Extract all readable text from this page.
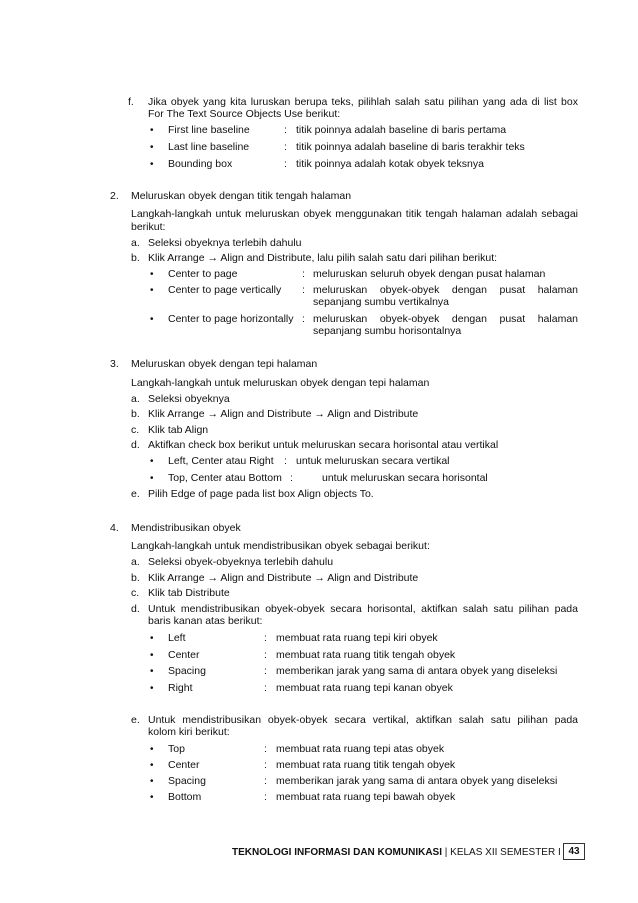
f. Jika obyek yang kita luruskan berupa teks, pilihlah salah satu pilihan yang ada di list box
For The Text Source Objects Use berikut:
• First line baseline	: titik poinnya adalah baseline di baris pertama
• Last line baseline	: titik poinnya adalah baseline di baris terakhir teks
• Bounding box	: titik poinnya adalah kotak obyek teksnya
2. Meluruskan obyek dengan titik tengah halaman
Langkah-langkah untuk meluruskan obyek menggunakan titik tengah halaman adalah sebagai
berikut:
a. Seleksi obyeknya terlebih dahulu
b. Klik Arrange → Align and Distribute, lalu pilih salah satu dari pilihan berikut:
• Center to page	: meluruskan seluruh obyek dengan pusat halaman
• Center to page vertically : meluruskan obyek-obyek dengan pusat halaman
sepanjang sumbu vertikalnya
• Center to page horizontally : meluruskan obyek-obyek dengan pusat halaman
sepanjang sumbu horisontalnya
3. Meluruskan obyek dengan tepi halaman
Langkah-langkah untuk meluruskan obyek dengan tepi halaman
a. Seleksi obyeknya
b. Klik Arrange → Align and Distribute → Align and Distribute
c. Klik tab Align
d. Aktifkan check box berikut untuk meluruskan secara horisontal atau vertikal
• Left, Center atau Right : untuk meluruskan secara vertikal
• Top, Center atau Bottom :	untuk meluruskan secara horisontal
e. Pilih Edge of page pada list box Align objects To.
4. Mendistribusikan obyek
Langkah-langkah untuk mendistribusikan obyek sebagai berikut:
a. Seleksi obyek-obyeknya terlebih dahulu
b. Klik Arrange → Align and Distribute → Align and Distribute
c. Klik tab Distribute
d. Untuk mendistribusikan obyek-obyek secara horisontal, aktifkan salah satu pilihan pada
baris kanan atas berikut:
• Left	: membuat rata ruang tepi kiri obyek
• Center	: membuat rata ruang titik tengah obyek
• Spacing	: memberikan jarak yang sama di antara obyek yang diseleksi
• Right	: membuat rata ruang tepi kanan obyek
e. Untuk mendistribusikan obyek-obyek secara vertikal, aktifkan salah satu pilihan pada
kolom kiri berikut:
• Top	: membuat rata ruang tepi atas obyek
• Center	: membuat rata ruang titik tengah obyek
• Spacing	: memberikan jarak yang sama di antara obyek yang diseleksi
• Bottom	: membuat rata ruang tepi bawah obyek
TEKNOLOGI INFORMASI DAN KOMUNIKASI | KELAS XII SEMESTER I 43
